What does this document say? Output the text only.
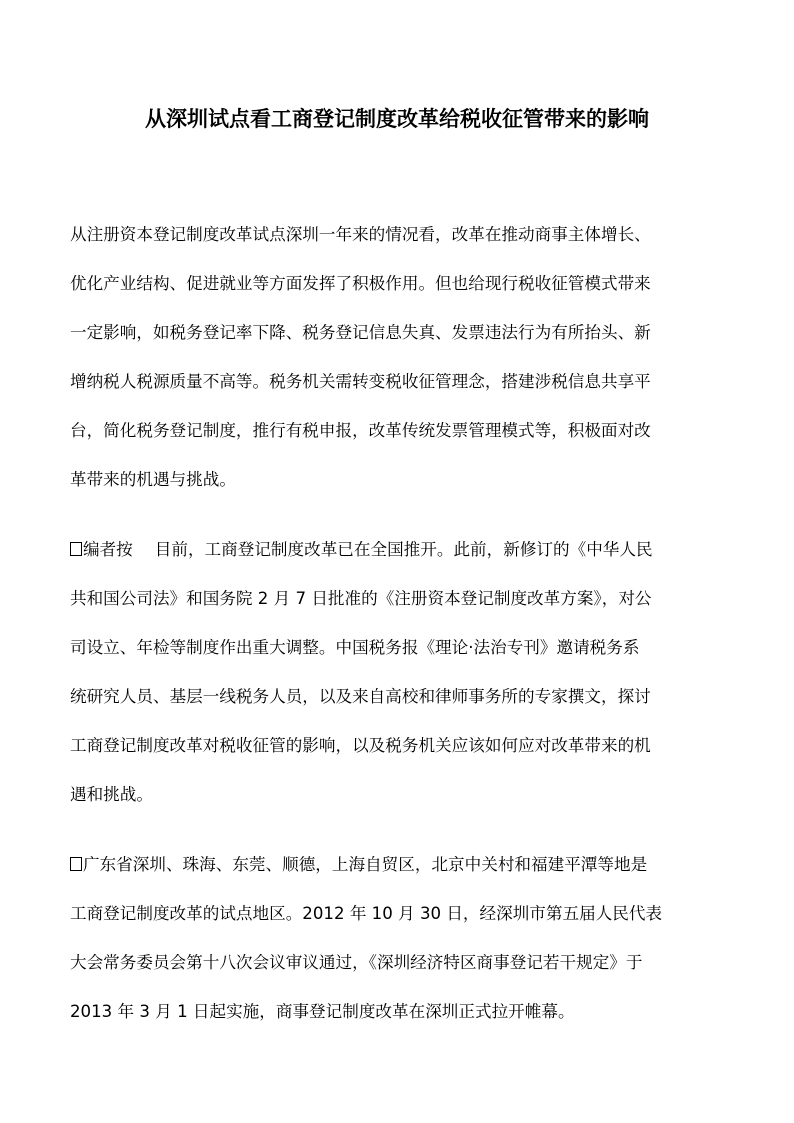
从深圳试点看工商登记制度改革给税收征管带来的影响

从注册资本登记制度改革试点深圳一年来的情况看，改革在推动商事主体增长、

优化产业结构、促进就业等方面发挥了积极作用。但也给现行税收征管模式带来

一定影响，如税务登记率下降、税务登记信息失真、发票违法行为有所抬头、新

增纳税人税源质量不高等。税务机关需转变税收征管理念，搭建涉税信息共享平

台，简化税务登记制度，推行有税申报，改革传统发票管理模式等，积极面对改

革带来的机遇与挑战。

编者按 目前，工商登记制度改革已在全国推开。此前，新修订的《中华人民

共和国公司法》和国务院 2 月 7 日批准的《注册资本登记制度改革方案》，对公

司设立、年检等制度作出重大调整。中国税务报《理论·法治专刊》邀请税务系

统研究人员、基层一线税务人员，以及来自高校和律师事务所的专家撰文，探讨

工商登记制度改革对税收征管的影响，以及税务机关应该如何应对改革带来的机

遇和挑战。

广东省深圳、珠海、东莞、顺德，上海自贸区，北京中关村和福建平潭等地是

工商登记制度改革的试点地区。2012 年 10 月 30 日，经深圳市第五届人民代表

大会常务委员会第十八次会议审议通过，《深圳经济特区商事登记若干规定》于

2013 年 3 月 1 日起实施，商事登记制度改革在深圳正式拉开帷幕。
